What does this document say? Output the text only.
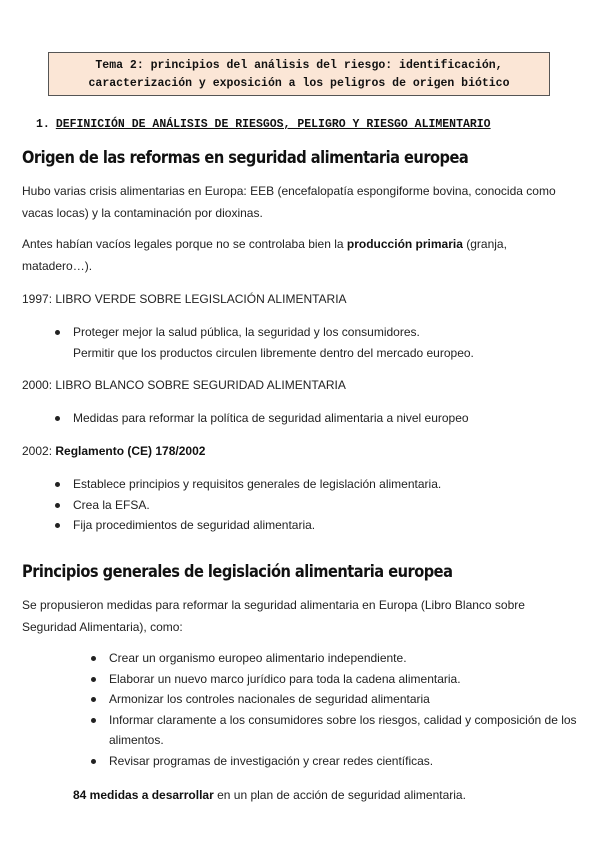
Tema 2: principios del análisis del riesgo: identificación,
caracterización y exposición a los peligros de origen biótico
1. DEFINICIÓN DE ANÁLISIS DE RIESGOS, PELIGRO Y RIESGO ALIMENTARIO
Origen de las reformas en seguridad alimentaria europea
Hubo varias crisis alimentarias en Europa: EEB (encefalopatía espongiforme bovina, conocida como vacas locas) y la contaminación por dioxinas.
Antes habían vacíos legales porque no se controlaba bien la producción primaria (granja, matadero…).
1997: LIBRO VERDE SOBRE LEGISLACIÓN ALIMENTARIA
Proteger mejor la salud pública, la seguridad y los consumidores.
Permitir que los productos circulen libremente dentro del mercado europeo.
2000: LIBRO BLANCO SOBRE SEGURIDAD ALIMENTARIA
Medidas para reformar la política de seguridad alimentaria a nivel europeo
2002: Reglamento (CE) 178/2002
Establece principios y requisitos generales de legislación alimentaria.
Crea la EFSA.
Fija procedimientos de seguridad alimentaria.
Principios generales de legislación alimentaria europea
Se propusieron medidas para reformar la seguridad alimentaria en Europa (Libro Blanco sobre Seguridad Alimentaria), como:
Crear un organismo europeo alimentario independiente.
Elaborar un nuevo marco jurídico para toda la cadena alimentaria.
Armonizar los controles nacionales de seguridad alimentaria
Informar claramente a los consumidores sobre los riesgos, calidad y composición de los alimentos.
Revisar programas de investigación y crear redes científicas.
84 medidas a desarrollar en un plan de acción de seguridad alimentaria.
